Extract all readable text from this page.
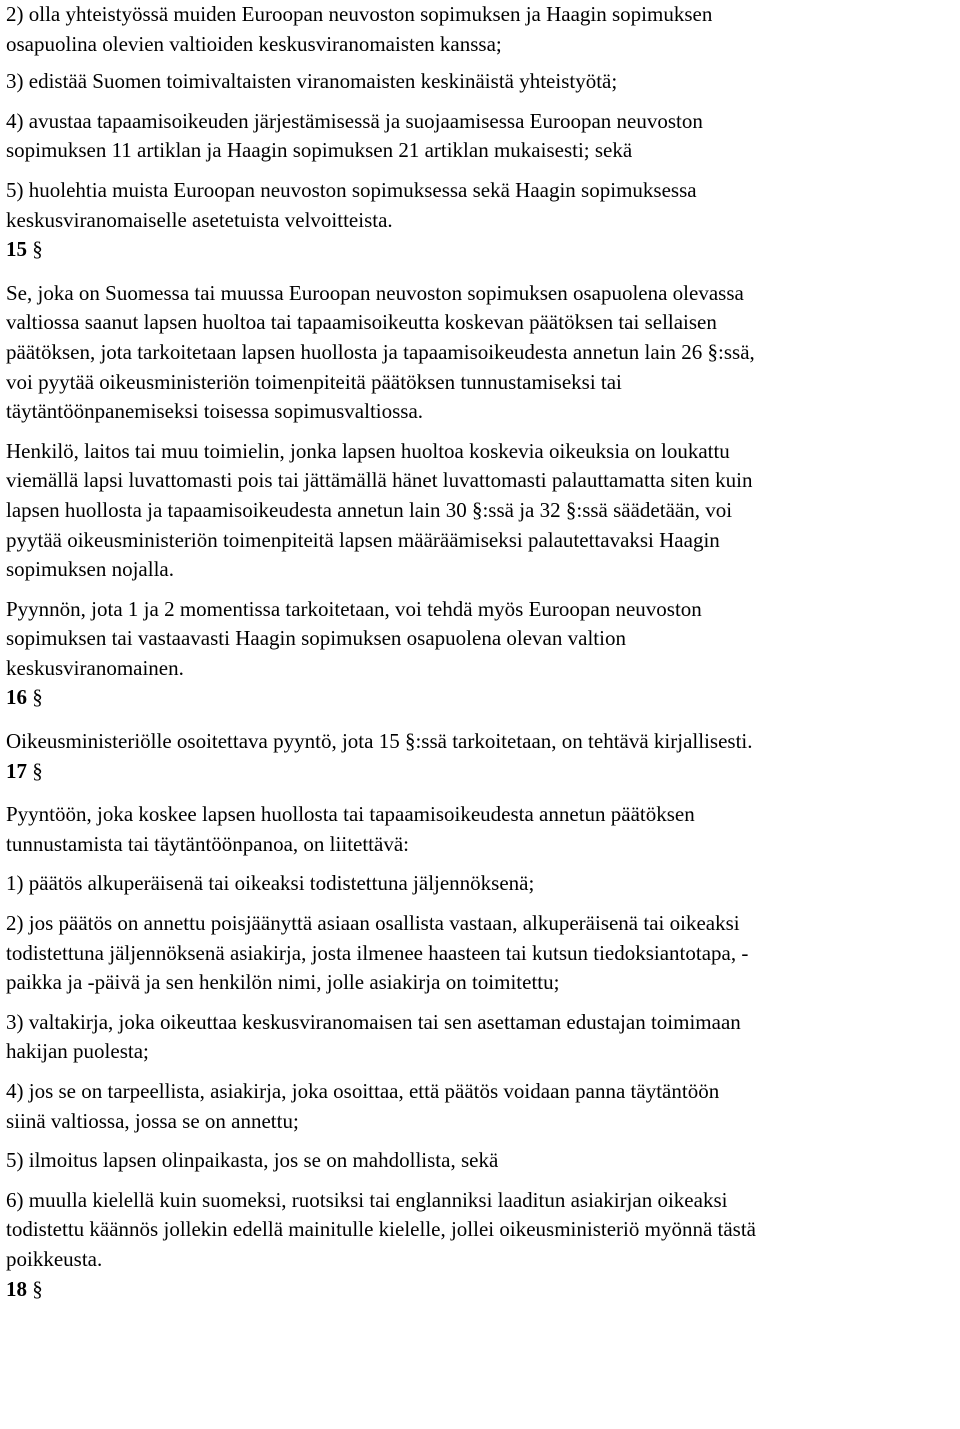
2) olla yhteistyössä muiden Euroopan neuvoston sopimuksen ja Haagin sopimuksen
osapuolina olevien valtioiden keskusviranomaisten kanssa;

3) edistää Suomen toimivaltaisten viranomaisten keskinäistä yhteistyötä;

4) avustaa tapaamisoikeuden järjestämisessä ja suojaamisessa Euroopan neuvoston
sopimuksen 11 artiklan ja Haagin sopimuksen 21 artiklan mukaisesti; sekä

5) huolehtia muista Euroopan neuvoston sopimuksessa sekä Haagin sopimuksessa
keskusviranomaiselle asetetuista velvoitteista.

15 §

Se, joka on Suomessa tai muussa Euroopan neuvoston sopimuksen osapuolena olevassa
valtiossa saanut lapsen huoltoa tai tapaamisoikeutta koskevan päätöksen tai sellaisen
päätöksen, jota tarkoitetaan lapsen huollosta ja tapaamisoikeudesta annetun lain 26 §:ssä,
voi pyytää oikeusministeriön toimenpiteitä päätöksen tunnustamiseksi tai
täytäntöönpanemiseksi toisessa sopimusvaltiossa.

Henkilö, laitos tai muu toimielin, jonka lapsen huoltoa koskevia oikeuksia on loukattu
viemällä lapsi luvattomasti pois tai jättämällä hänet luvattomasti palauttamatta siten kuin
lapsen huollosta ja tapaamisoikeudesta annetun lain 30 §:ssä ja 32 §:ssä säädetään, voi
pyytää oikeusministeriön toimenpiteitä lapsen määräämiseksi palautettavaksi Haagin
sopimuksen nojalla.

Pyynnön, jota 1 ja 2 momentissa tarkoitetaan, voi tehdä myös Euroopan neuvoston
sopimuksen tai vastaavasti Haagin sopimuksen osapuolena olevan valtion
keskusviranomainen.

16 §

Oikeusministeriölle osoitettava pyyntö, jota 15 §:ssä tarkoitetaan, on tehtävä kirjallisesti.

17 §

Pyyntöön, joka koskee lapsen huollosta tai tapaamisoikeudesta annetun päätöksen
tunnustamista tai täytäntöönpanoa, on liitettävä:

1) päätös alkuperäisenä tai oikeaksi todistettuna jäljennöksenä;

2) jos päätös on annettu poisjäänyttä asiaan osallista vastaan, alkuperäisenä tai oikeaksi
todistettuna jäljennöksenä asiakirja, josta ilmenee haasteen tai kutsun tiedoksiantotapa, -
paikka ja -päivä ja sen henkilön nimi, jolle asiakirja on toimitettu;

3) valtakirja, joka oikeuttaa keskusviranomaisen tai sen asettaman edustajan toimimaan
hakijan puolesta;

4) jos se on tarpeellista, asiakirja, joka osoittaa, että päätös voidaan panna täytäntöön
siinä valtiossa, jossa se on annettu;

5) ilmoitus lapsen olinpaikasta, jos se on mahdollista, sekä

6) muulla kielellä kuin suomeksi, ruotsiksi tai englanniksi laaditun asiakirjan oikeaksi
todistettu käännös jollekin edellä mainitulle kielelle, jollei oikeusministeriö myönnä tästä
poikkeusta.

18 §
